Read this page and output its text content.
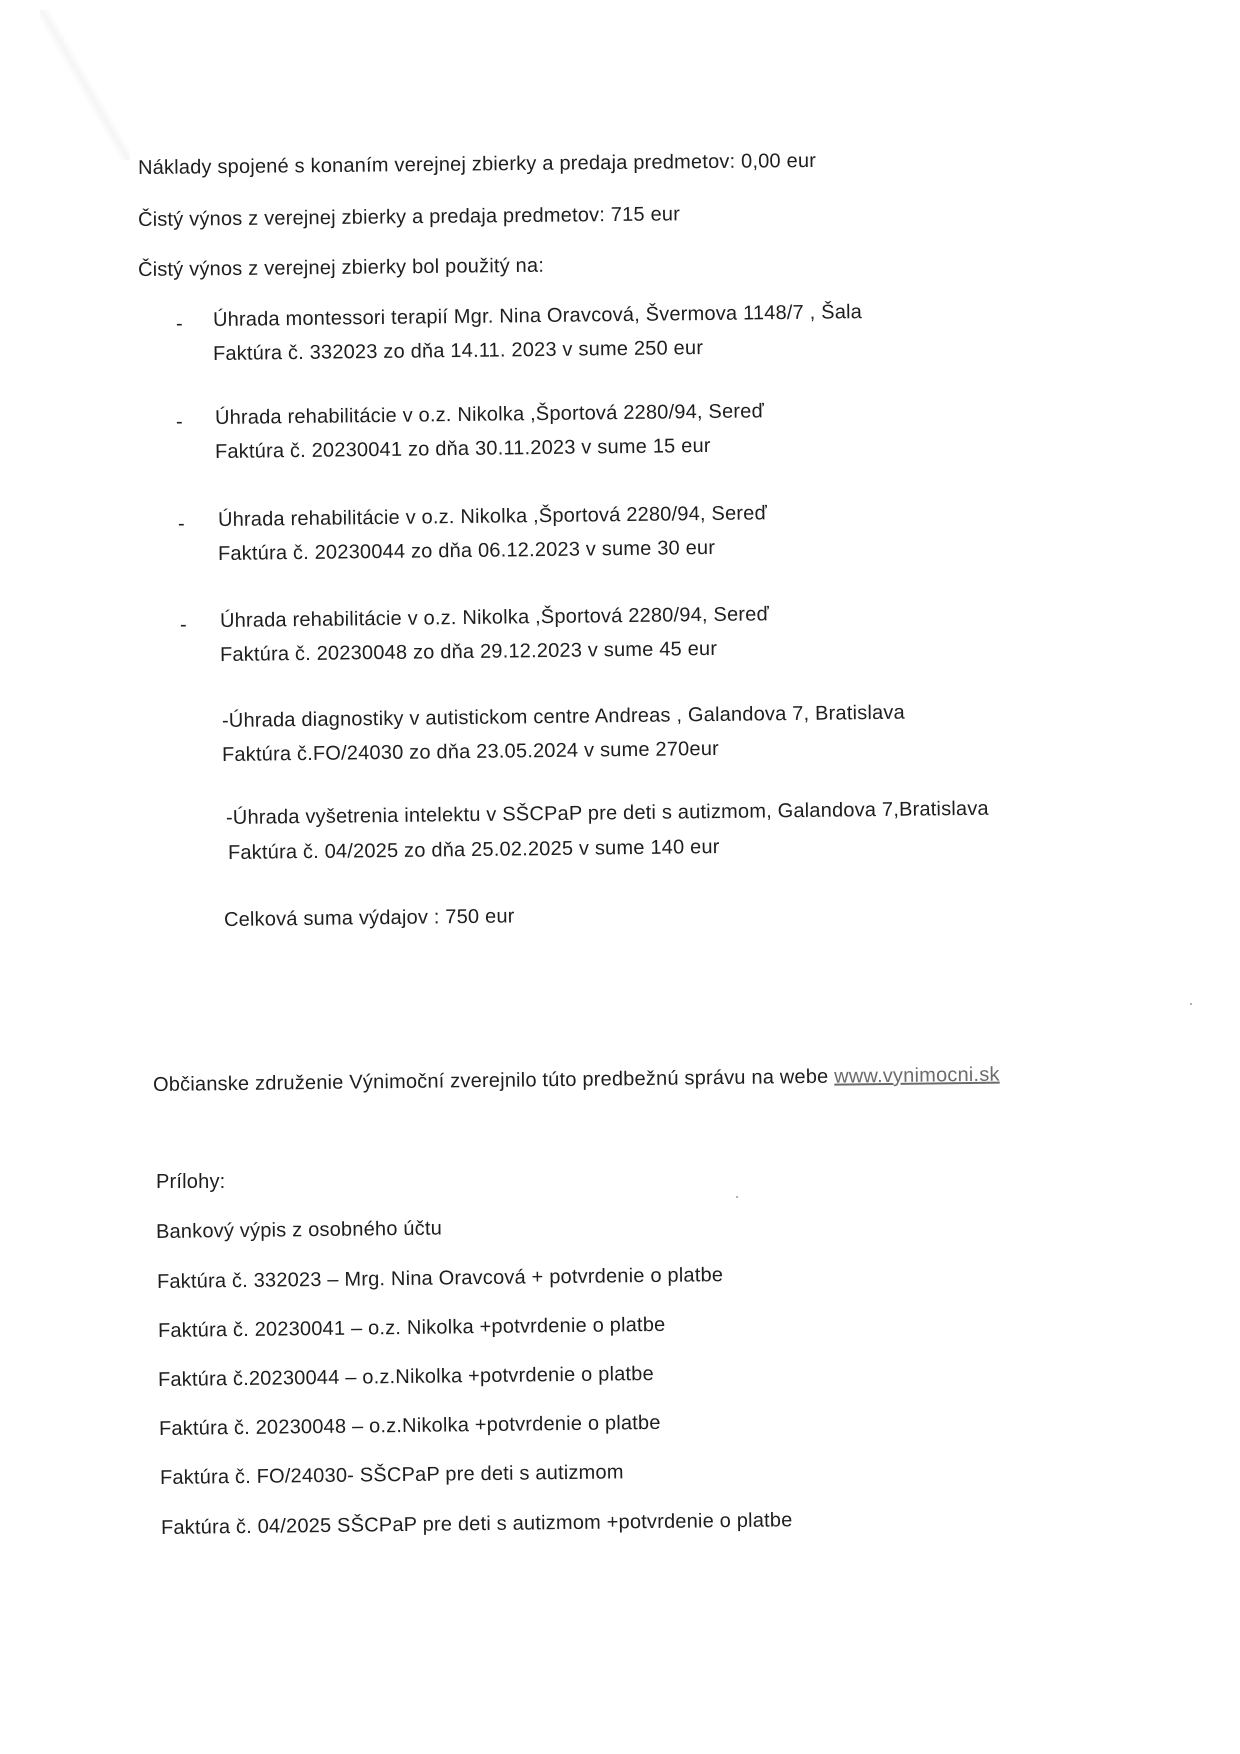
Náklady spojené s konaním verejnej zbierky a predaja predmetov: 0,00 eur
Čistý výnos z verejnej zbierky a predaja predmetov: 715 eur
Čistý výnos z verejnej zbierky bol použitý na:
- Úhrada montessori terapií Mgr. Nina Oravcová, Švermova 1148/7 , Šala
Faktúra č. 332023 zo dňa 14.11. 2023 v sume 250 eur
- Úhrada rehabilitácie v o.z. Nikolka ,Športová 2280/94, Sereď
Faktúra č. 20230041 zo dňa 30.11.2023 v sume 15 eur
- Úhrada rehabilitácie v o.z. Nikolka ,Športová 2280/94, Sereď
Faktúra č. 20230044 zo dňa 06.12.2023 v sume 30 eur
- Úhrada rehabilitácie v o.z. Nikolka ,Športová 2280/94, Sereď
Faktúra č. 20230048 zo dňa 29.12.2023 v sume 45 eur
-Úhrada diagnostiky v autistickom centre Andreas , Galandova 7, Bratislava
Faktúra č.FO/24030 zo dňa 23.05.2024 v sume 270eur
-Úhrada vyšetrenia intelektu v SŠCPaP pre deti s autizmom, Galandova 7,Bratislava
Faktúra č. 04/2025 zo dňa 25.02.2025 v sume 140 eur
Celková suma výdajov : 750 eur
Občianske združenie Výnimoční zverejnilo túto predbežnú správu na webe www.vynimocni.sk
Prílohy:
Bankový výpis z osobného účtu
Faktúra č. 332023 – Mrg. Nina Oravcová + potvrdenie o platbe
Faktúra č. 20230041 – o.z. Nikolka +potvrdenie o platbe
Faktúra č.20230044 – o.z.Nikolka +potvrdenie o platbe
Faktúra č. 20230048 – o.z.Nikolka +potvrdenie o platbe
Faktúra č. FO/24030- SŠCPaP pre deti s autizmom
Faktúra č. 04/2025 SŠCPaP pre deti s autizmom +potvrdenie o platbe
